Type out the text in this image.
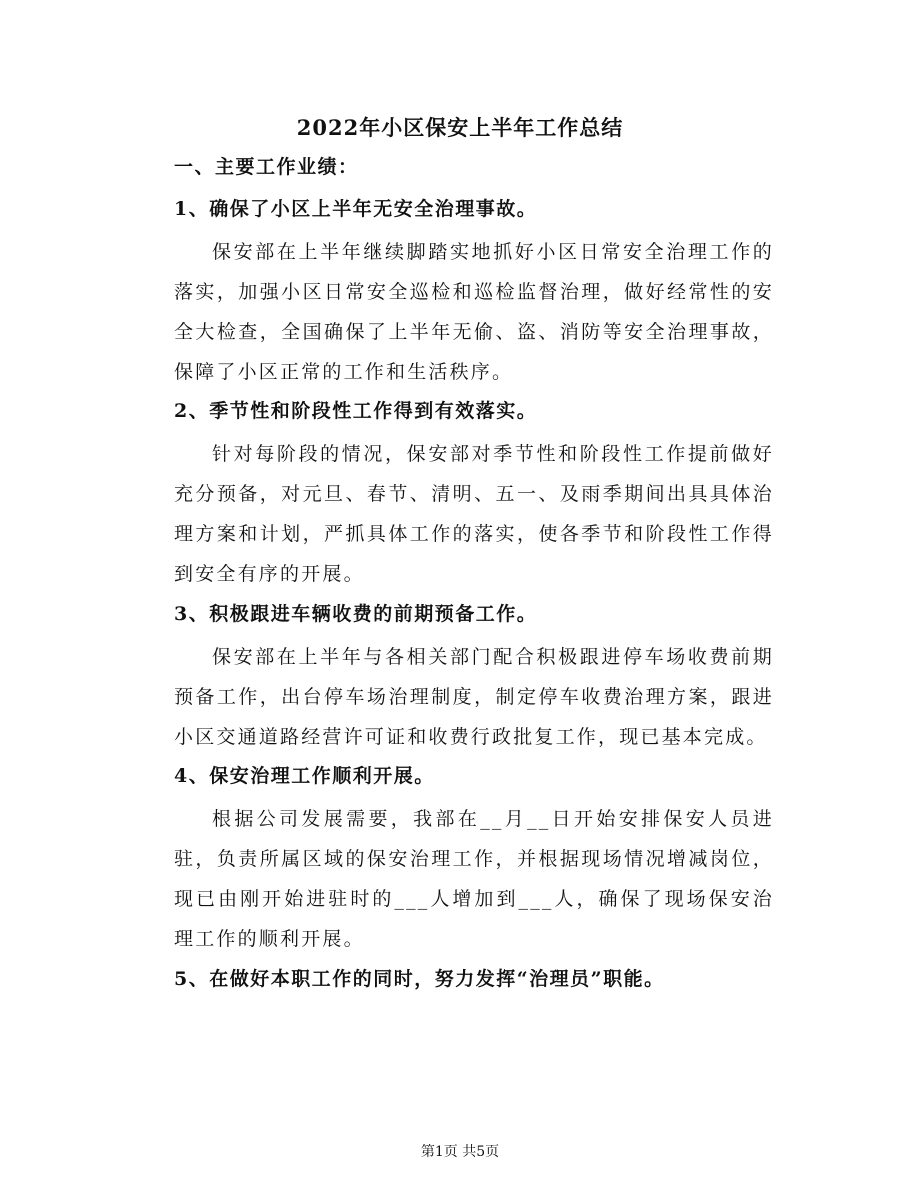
2022年小区保安上半年工作总结

一、主要工作业绩：

1、确保了小区上半年无安全治理事故。

保安部在上半年继续脚踏实地抓好小区日常安全治理工作的落实，加强小区日常安全巡检和巡检监督治理，做好经常性的安全大检查，全国确保了上半年无偷、盗、消防等安全治理事故，保障了小区正常的工作和生活秩序。

2、季节性和阶段性工作得到有效落实。

针对每阶段的情况，保安部对季节性和阶段性工作提前做好充分预备，对元旦、春节、清明、五一、及雨季期间出具具体治理方案和计划，严抓具体工作的落实，使各季节和阶段性工作得到安全有序的开展。

3、积极跟进车辆收费的前期预备工作。

保安部在上半年与各相关部门配合积极跟进停车场收费前期预备工作，出台停车场治理制度，制定停车收费治理方案，跟进小区交通道路经营许可证和收费行政批复工作，现已基本完成。

4、保安治理工作顺利开展。

根据公司发展需要，我部在__月__日开始安排保安人员进驻，负责所属区域的保安治理工作，并根据现场情况增减岗位，现已由刚开始进驻时的___人增加到___人，确保了现场保安治理工作的顺利开展。

5、在做好本职工作的同时，努力发挥“治理员”职能。

第1页 共5页
